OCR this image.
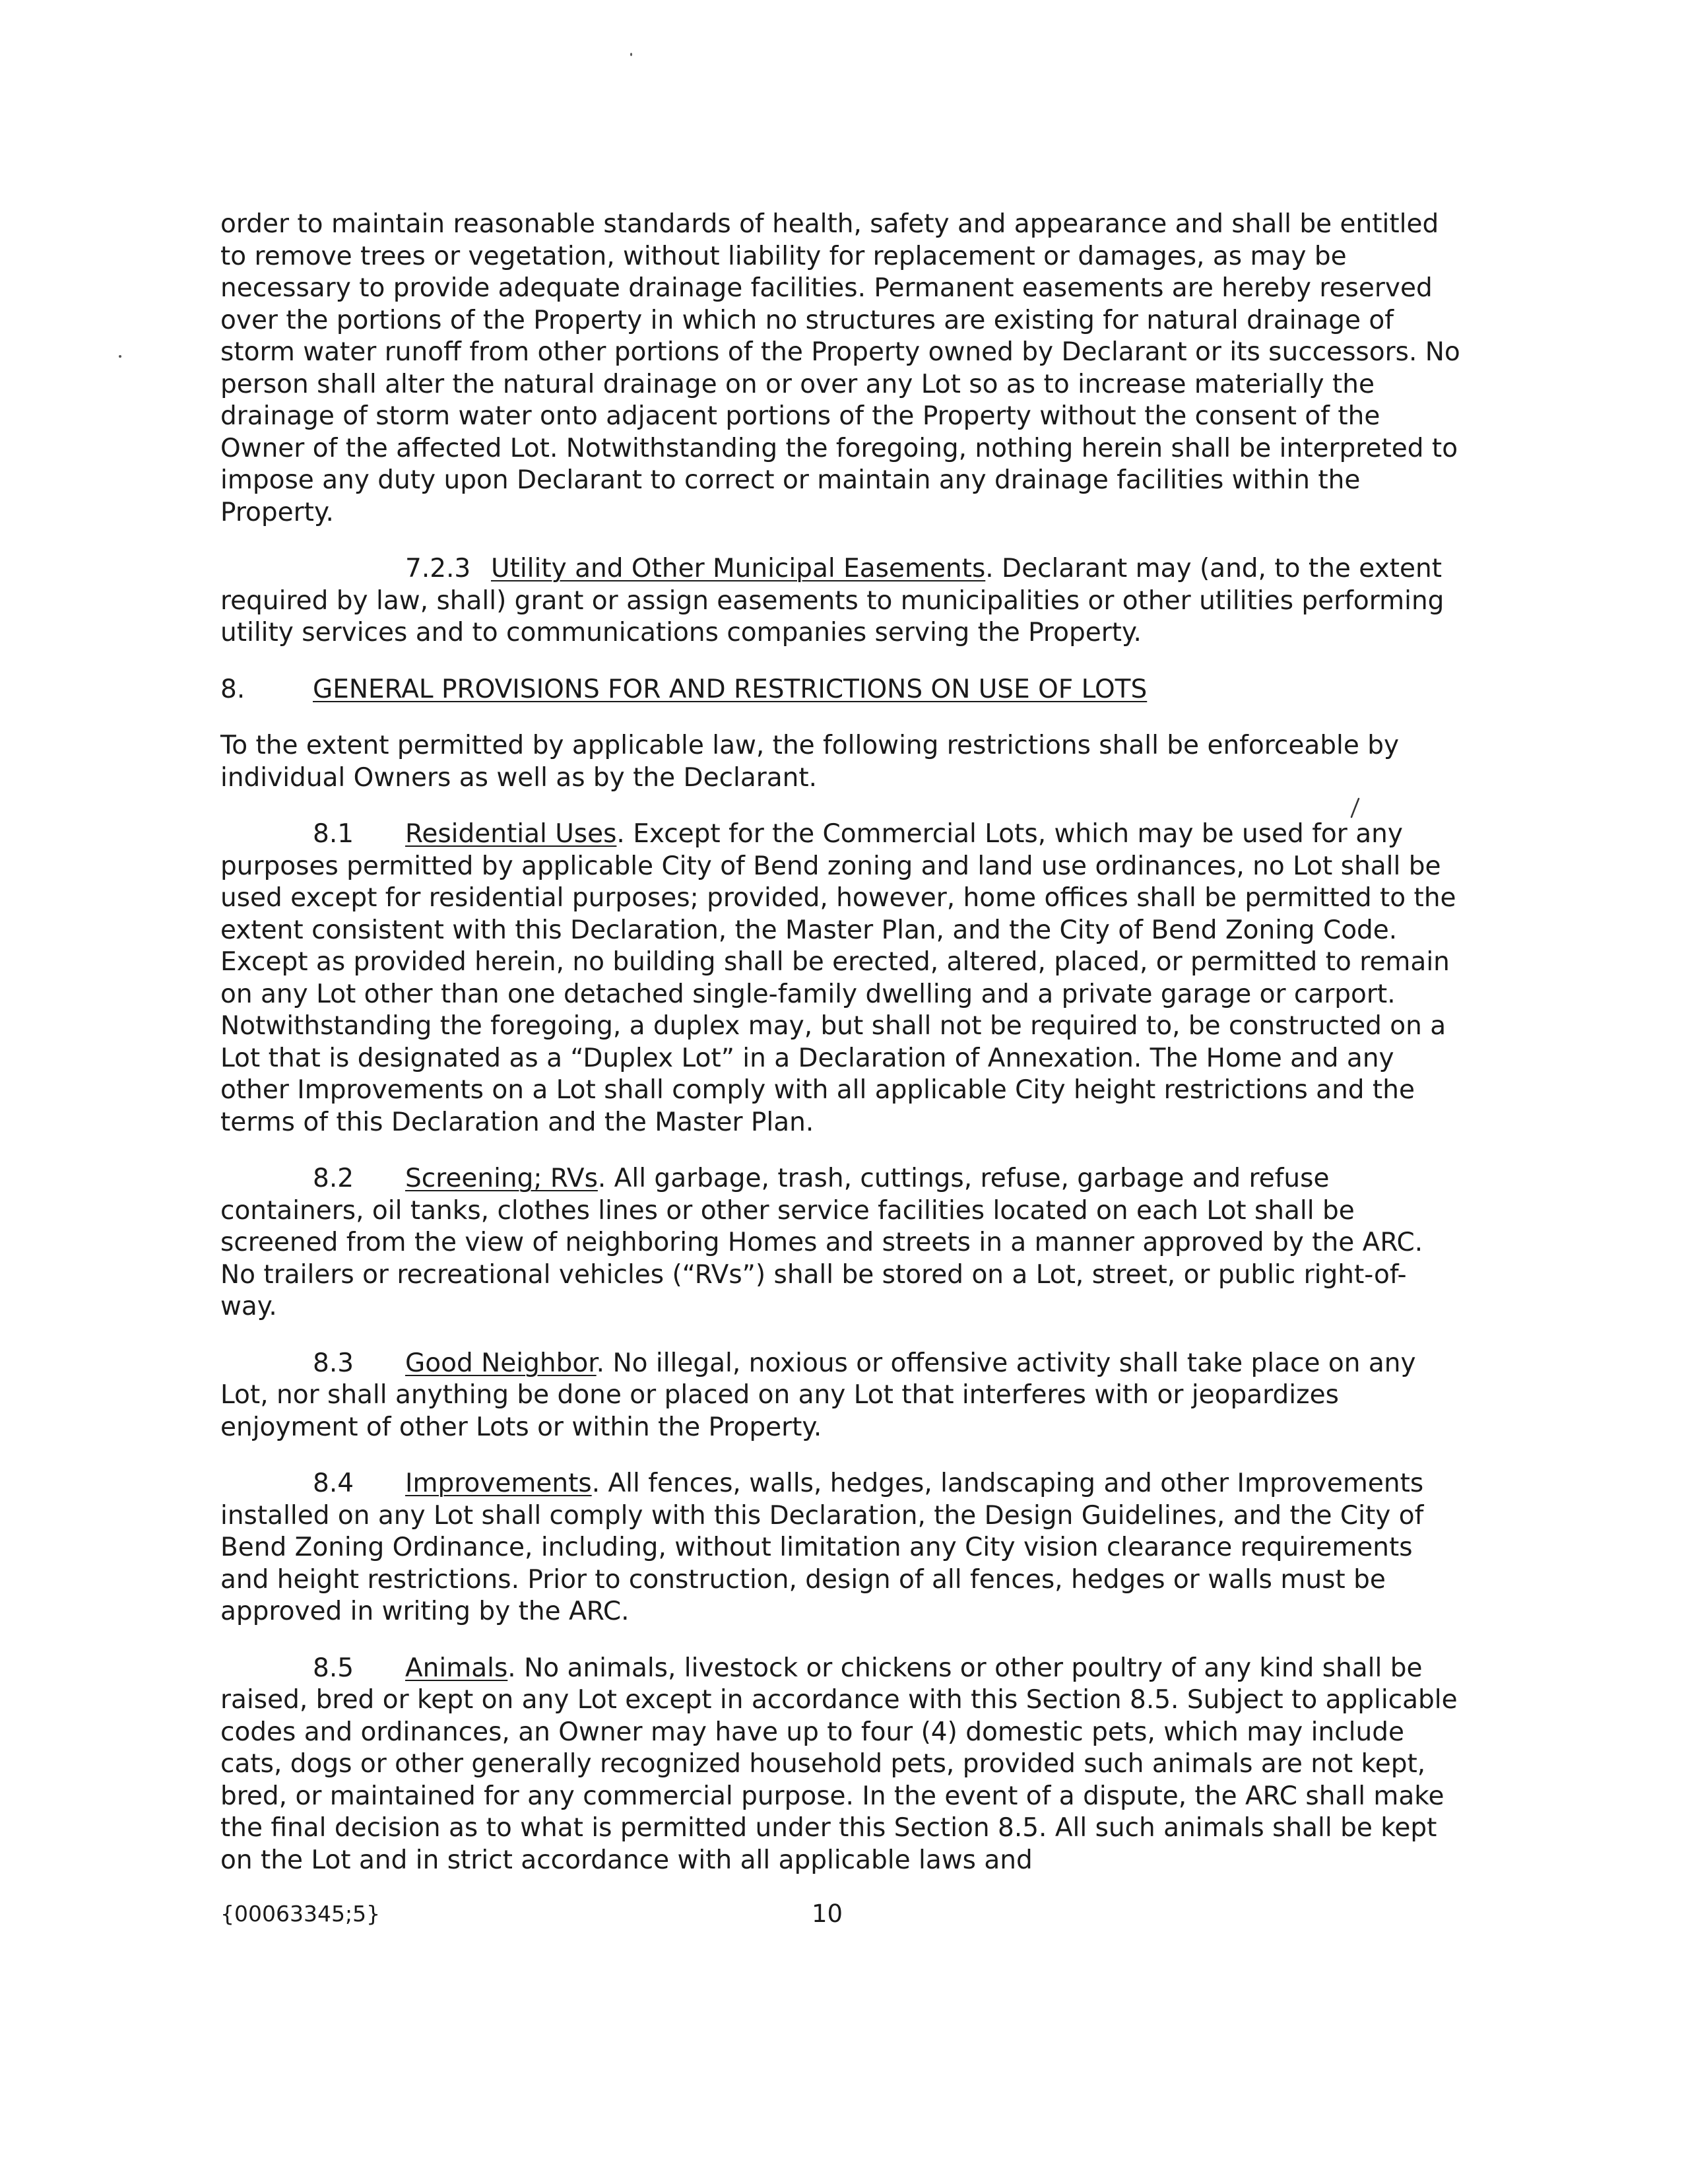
order to maintain reasonable standards of health, safety and appearance and shall be entitled to remove trees or vegetation, without liability for replacement or damages, as may be necessary to provide adequate drainage facilities. Permanent easements are hereby reserved over the portions of the Property in which no structures are existing for natural drainage of storm water runoff from other portions of the Property owned by Declarant or its successors. No person shall alter the natural drainage on or over any Lot so as to increase materially the drainage of storm water onto adjacent portions of the Property without the consent of the Owner of the affected Lot. Notwithstanding the foregoing, nothing herein shall be interpreted to impose any duty upon Declarant to correct or maintain any drainage facilities within the Property.

7.2.3 Utility and Other Municipal Easements. Declarant may (and, to the extent required by law, shall) grant or assign easements to municipalities or other utilities performing utility services and to communications companies serving the Property.

8.	GENERAL PROVISIONS FOR AND RESTRICTIONS ON USE OF LOTS

To the extent permitted by applicable law, the following restrictions shall be enforceable by individual Owners as well as by the Declarant.

8.1 Residential Uses. Except for the Commercial Lots, which may be used for any purposes permitted by applicable City of Bend zoning and land use ordinances, no Lot shall be used except for residential purposes; provided, however, home offices shall be permitted to the extent consistent with this Declaration, the Master Plan, and the City of Bend Zoning Code. Except as provided herein, no building shall be erected, altered, placed, or permitted to remain on any Lot other than one detached single-family dwelling and a private garage or carport. Notwithstanding the foregoing, a duplex may, but shall not be required to, be constructed on a Lot that is designated as a “Duplex Lot” in a Declaration of Annexation. The Home and any other Improvements on a Lot shall comply with all applicable City height restrictions and the terms of this Declaration and the Master Plan.

8.2 Screening; RVs. All garbage, trash, cuttings, refuse, garbage and refuse containers, oil tanks, clothes lines or other service facilities located on each Lot shall be screened from the view of neighboring Homes and streets in a manner approved by the ARC. No trailers or recreational vehicles (“RVs”) shall be stored on a Lot, street, or public right-of-way.

8.3 Good Neighbor. No illegal, noxious or offensive activity shall take place on any Lot, nor shall anything be done or placed on any Lot that interferes with or jeopardizes enjoyment of other Lots or within the Property.

8.4 Improvements. All fences, walls, hedges, landscaping and other Improvements installed on any Lot shall comply with this Declaration, the Design Guidelines, and the City of Bend Zoning Ordinance, including, without limitation any City vision clearance requirements and height restrictions. Prior to construction, design of all fences, hedges or walls must be approved in writing by the ARC.

8.5 Animals. No animals, livestock or chickens or other poultry of any kind shall be raised, bred or kept on any Lot except in accordance with this Section 8.5. Subject to applicable codes and ordinances, an Owner may have up to four (4) domestic pets, which may include cats, dogs or other generally recognized household pets, provided such animals are not kept, bred, or maintained for any commercial purpose. In the event of a dispute, the ARC shall make the final decision as to what is permitted under this Section 8.5. All such animals shall be kept on the Lot and in strict accordance with all applicable laws and

{00063345;5}	10
